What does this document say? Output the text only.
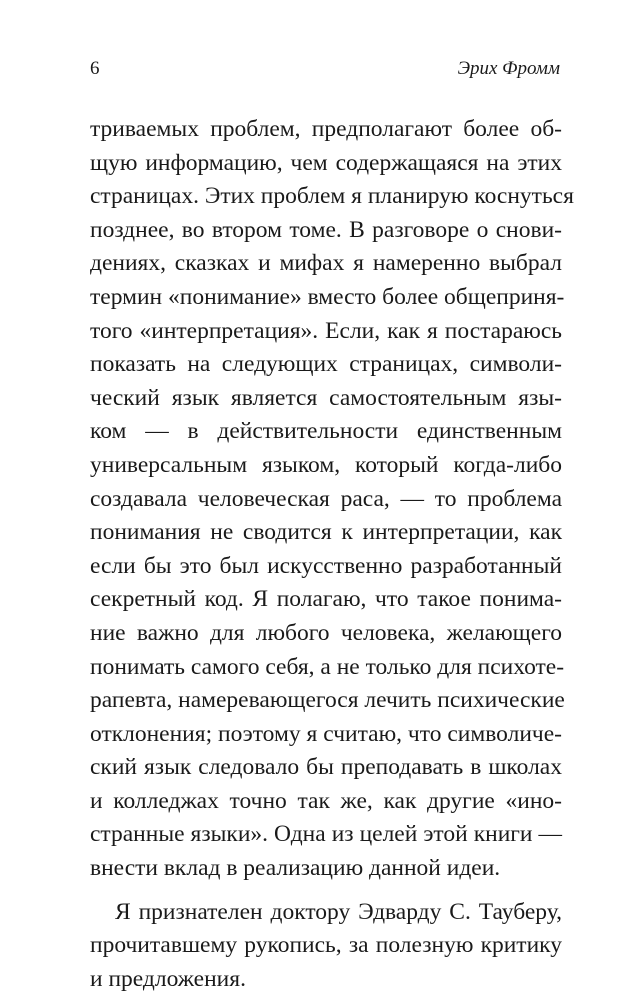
6	Эрих Фромм
триваемых проблем, предполагают более об-
щую информацию, чем содержащаяся на этих
страницах. Этих проблем я планирую коснуться
позднее, во втором томе. В разговоре о снови-
дениях, сказках и мифах я намеренно выбрал
термин «понимание» вместо более общеприня-
того «интерпретация». Если, как я постараюсь
показать на следующих страницах, символи-
ческий язык является самостоятельным язы-
ком — в действительности единственным
универсальным языком, который когда-либо
создавала человеческая раса, — то проблема
понимания не сводится к интерпретации, как
если бы это был искусственно разработанный
секретный код. Я полагаю, что такое понима-
ние важно для любого человека, желающего
понимать самого себя, а не только для психоте-
рапевта, намеревающегося лечить психические
отклонения; поэтому я считаю, что символиче-
ский язык следовало бы преподавать в школах
и колледжах точно так же, как другие «ино-
странные языки». Одна из целей этой книги —
внести вклад в реализацию данной идеи.
Я признателен доктору Эдварду С. Тауберу,
прочитавшему рукопись, за полезную критику
и предложения.
